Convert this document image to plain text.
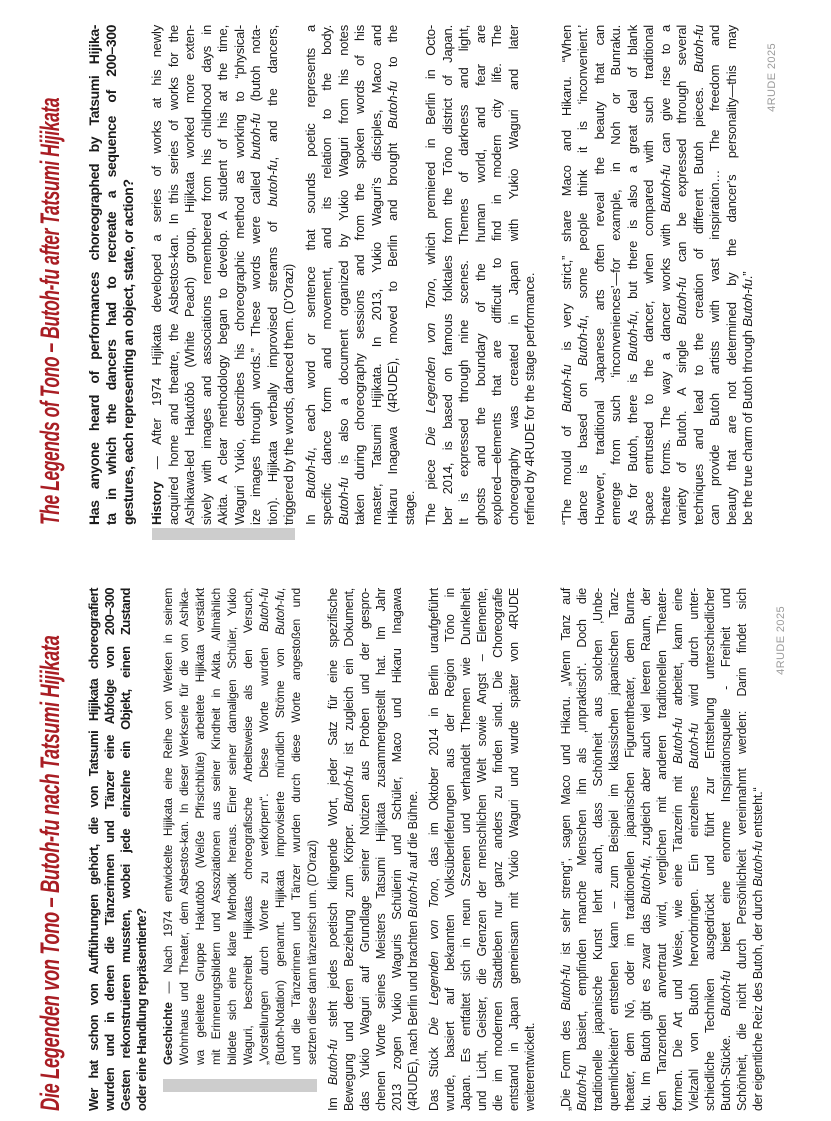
Die Legenden von Tono – Butoh-fu nach Tatsumi Hijikata	Wer hat schon von Aufführungen gehört, die von Tatsumi Hijikata choreografiert wurden und in denen die Tänzerinnen und Tänzer eine Abfolge von 200–300 Gesten rekonstruieren mussten, wobei jede einzelne ein Objekt, einen Zustand oder eine Handlung repräsentierte? Geschichte — Nach 1974 entwickelte Hijikata eine Reihe von Werken in seinem Wohnhaus und Theater, dem Asbestos-kan. In dieser Werkserie für die von Ashika- wa geleitete Gruppe Hakutōbō (Weiße Pfirsichblüte) arbeitete Hijikata verstärkt mit Erinnerungsbildern und Assoziationen aus seiner Kindheit in Akita. Allmählich bildete sich eine klare Methodik heraus. Einer seiner damaligen Schüler, Yukio Waguri, beschreibt Hijikatas choreografische Arbeitsweise als den Versuch, „Vorstellungen durch Worte zu verkörpern“. Diese Worte wurden Butoh-fu
(Butoh-Notation) genannt. Hijikata improvisierte mündlich Ströme von Butoh-fu, und die Tänzerinnen und Tänzer wurden durch diese Worte angestoßen und setzten diese dann tänzerisch um. (D’Orazi)
Im Butoh-fu steht jedes poetisch klingende Wort, jeder Satz für eine spezifische Bewegung und deren Beziehung zum Körper. Butoh-fu ist zugleich ein Dokument, das Yukio Waguri auf Grundlage seiner Notizen aus Proben und der gespro- chenen Worte seines Meisters Tatsumi Hijikata zusammengestellt hat. Im Jahr 2013 zogen Yukio Waguris Schülerin und Schüler, Maco und Hikaru Inagawa (4RUDE), nach Berlin und brachten Butoh-fu auf die Bühne.
Das Stück Die Legenden von Tono, das im Oktober 2014 in Berlin uraufgeführt wurde, basiert auf bekannten Volksüberlieferungen aus der Region Tōno in Japan. Es entfaltet sich in neun Szenen und verhandelt Themen wie Dunkelheit und Licht, Geister, die Grenzen der menschlichen Welt sowie Angst – Elemente, die im modernen Stadtleben nur ganz anders zu finden sind. Die Choreografie entstand in Japan gemeinsam mit Yukio Waguri und wurde später von 4RUDE weiterentwickelt. „Die Form des Butoh-fu ist sehr streng“, sagen Maco und Hikaru. „Wenn Tanz auf
Butoh-fu basiert, empfinden manche Menschen ihn als ‚unpraktisch‘. Doch die traditionelle japanische Kunst lehrt auch, dass Schönheit aus solchen ‚Unbe- quemlichkeiten‘ entstehen kann – zum Beispiel im klassischen japanischen Tanz- theater, dem Nō, oder im traditionellen japanischen Figurentheater, dem Bunra- ku. Im Butoh gibt es zwar das Butoh-fu, zugleich aber auch viel leeren Raum, der den Tanzenden anvertraut wird, verglichen mit anderen traditionellen Theater- formen. Die Art und Weise, wie eine Tänzerin mit Butoh-fu arbeitet, kann eine
Vielzahl von Butoh hervorbringen. Ein einzelnes Butoh-fu wird durch unter- schiedliche Techniken ausgedrückt und führt zur Entstehung unterschiedlicher Butoh-Stücke. Butoh-fu bietet eine enorme Inspirationsquelle - Freiheit und Schönheit, die nicht durch Persönlichkeit vereinnahmt werden: Darin findet sich der eigentliche Reiz des Butoh, der durch Butoh-fu entsteht.“
4RUDE 2025
The Legends of Tono – Butoh-fu after Tatsumi Hijikata	Has anyone heard of performances choreographed by Tatsumi Hijika- ta in which the dancers had to recreate a sequence of 200–300 gestures, each representing an object, state, or action? History — After 1974 Hijikata developed a series of works at his newly acquired home and theatre, the Asbestos-kan. In this series of works for the Ashikawa-led Hakutōbō (White Peach) group, Hijikata worked more exten- sively with images and associations remembered from his childhood days in Akita. A clear methodology began to develop. A student of his at the time, Waguri Yukio, describes his choreographic method as working to “physical- ize images through words.” These words were called butoh-fu (butoh nota-
tion). Hijikata verbally improvised streams of butoh-fu, and the dancers,
triggered by the words, danced them. (D’Orazi) In Butoh-fu, each word or sentence that sounds poetic represents a specific dance form and movement, and its relation to the body. Butoh-fu is also a document organized by Yukio Waguri from his notes taken during choreography sessions and from the spoken words of his master, Tatsumi Hijikata. In 2013, Yukio Waguri’s disciples, Maco and Hikaru Inagawa (4RUDE), moved to Berlin and brought Butoh-fu to the
stage. The piece Die Legenden von Tono, which premiered in Berlin in Octo- ber 2014, is based on famous folktales from the Tōno district of Japan. It is expressed through nine scenes. Themes of darkness and light, ghosts and the boundary of the human world, and fear are explored—elements that are difficult to find in modern city life. The choreography was created in Japan with Yukio Waguri and later refined by 4RUDE for the stage performance. “The mould of Butoh-fu is very strict,” share Maco and Hikaru. “When
dance is based on Butoh-fu, some people think it is ‘inconvenient.’ However, traditional Japanese arts often reveal the beauty that can emerge from such ‘inconveniences’—for example, in Noh or Bunraku. As for Butoh, there is Butoh-fu, but there is also a great deal of blank space entrusted to the dancer, when compared with such traditional theatre forms. The way a dancer works with Butoh-fu can give rise to a
variety of Butoh. A single Butoh-fu can be expressed through several techniques and lead to the creation of different Butoh pieces. Butoh-fu can provide Butoh artists with vast inspiration… The freedom and beauty that are not determined by the dancer’s personality—this may be the true charm of Butoh through Butoh-fu.”
4RUDE 2025
